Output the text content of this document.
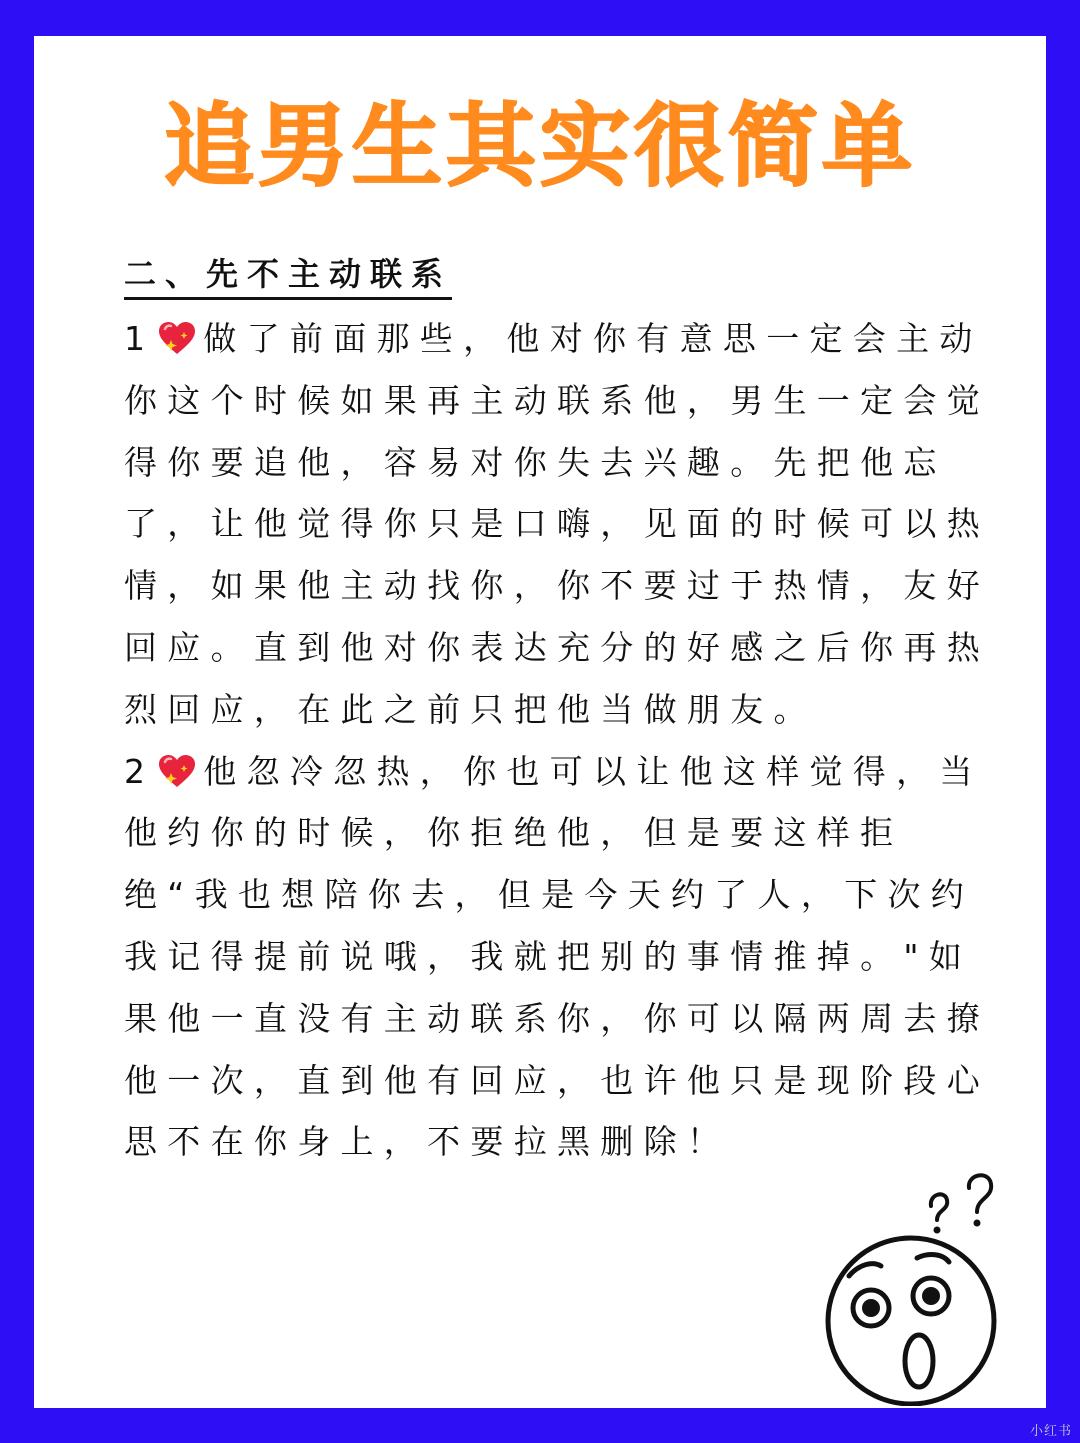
追男生其实很简单
二、先不主动联系

1 做了前面那些，他对你有意思一定会主动你这个时候如果再主动联系他，男生一定会觉得你要追他，容易对你失去兴趣。先把他忘了，让他觉得你只是口嗨，见面的时候可以热情，如果他主动找你，你不要过于热情，友好回应。直到他对你表达充分的好感之后你再热烈回应，在此之前只把他当做朋友。

2 他忽冷忽热，你也可以让他这样觉得，当他约你的时候，你拒绝他，但是要这样拒绝“我也想陪你去，但是今天约了人，下次约我记得提前说哦，我就把别的事情推掉。"如果他一直没有主动联系你，你可以隔两周去撩他一次，直到他有回应，也许他只是现阶段心思不在你身上，不要拉黑删除！

小红书
